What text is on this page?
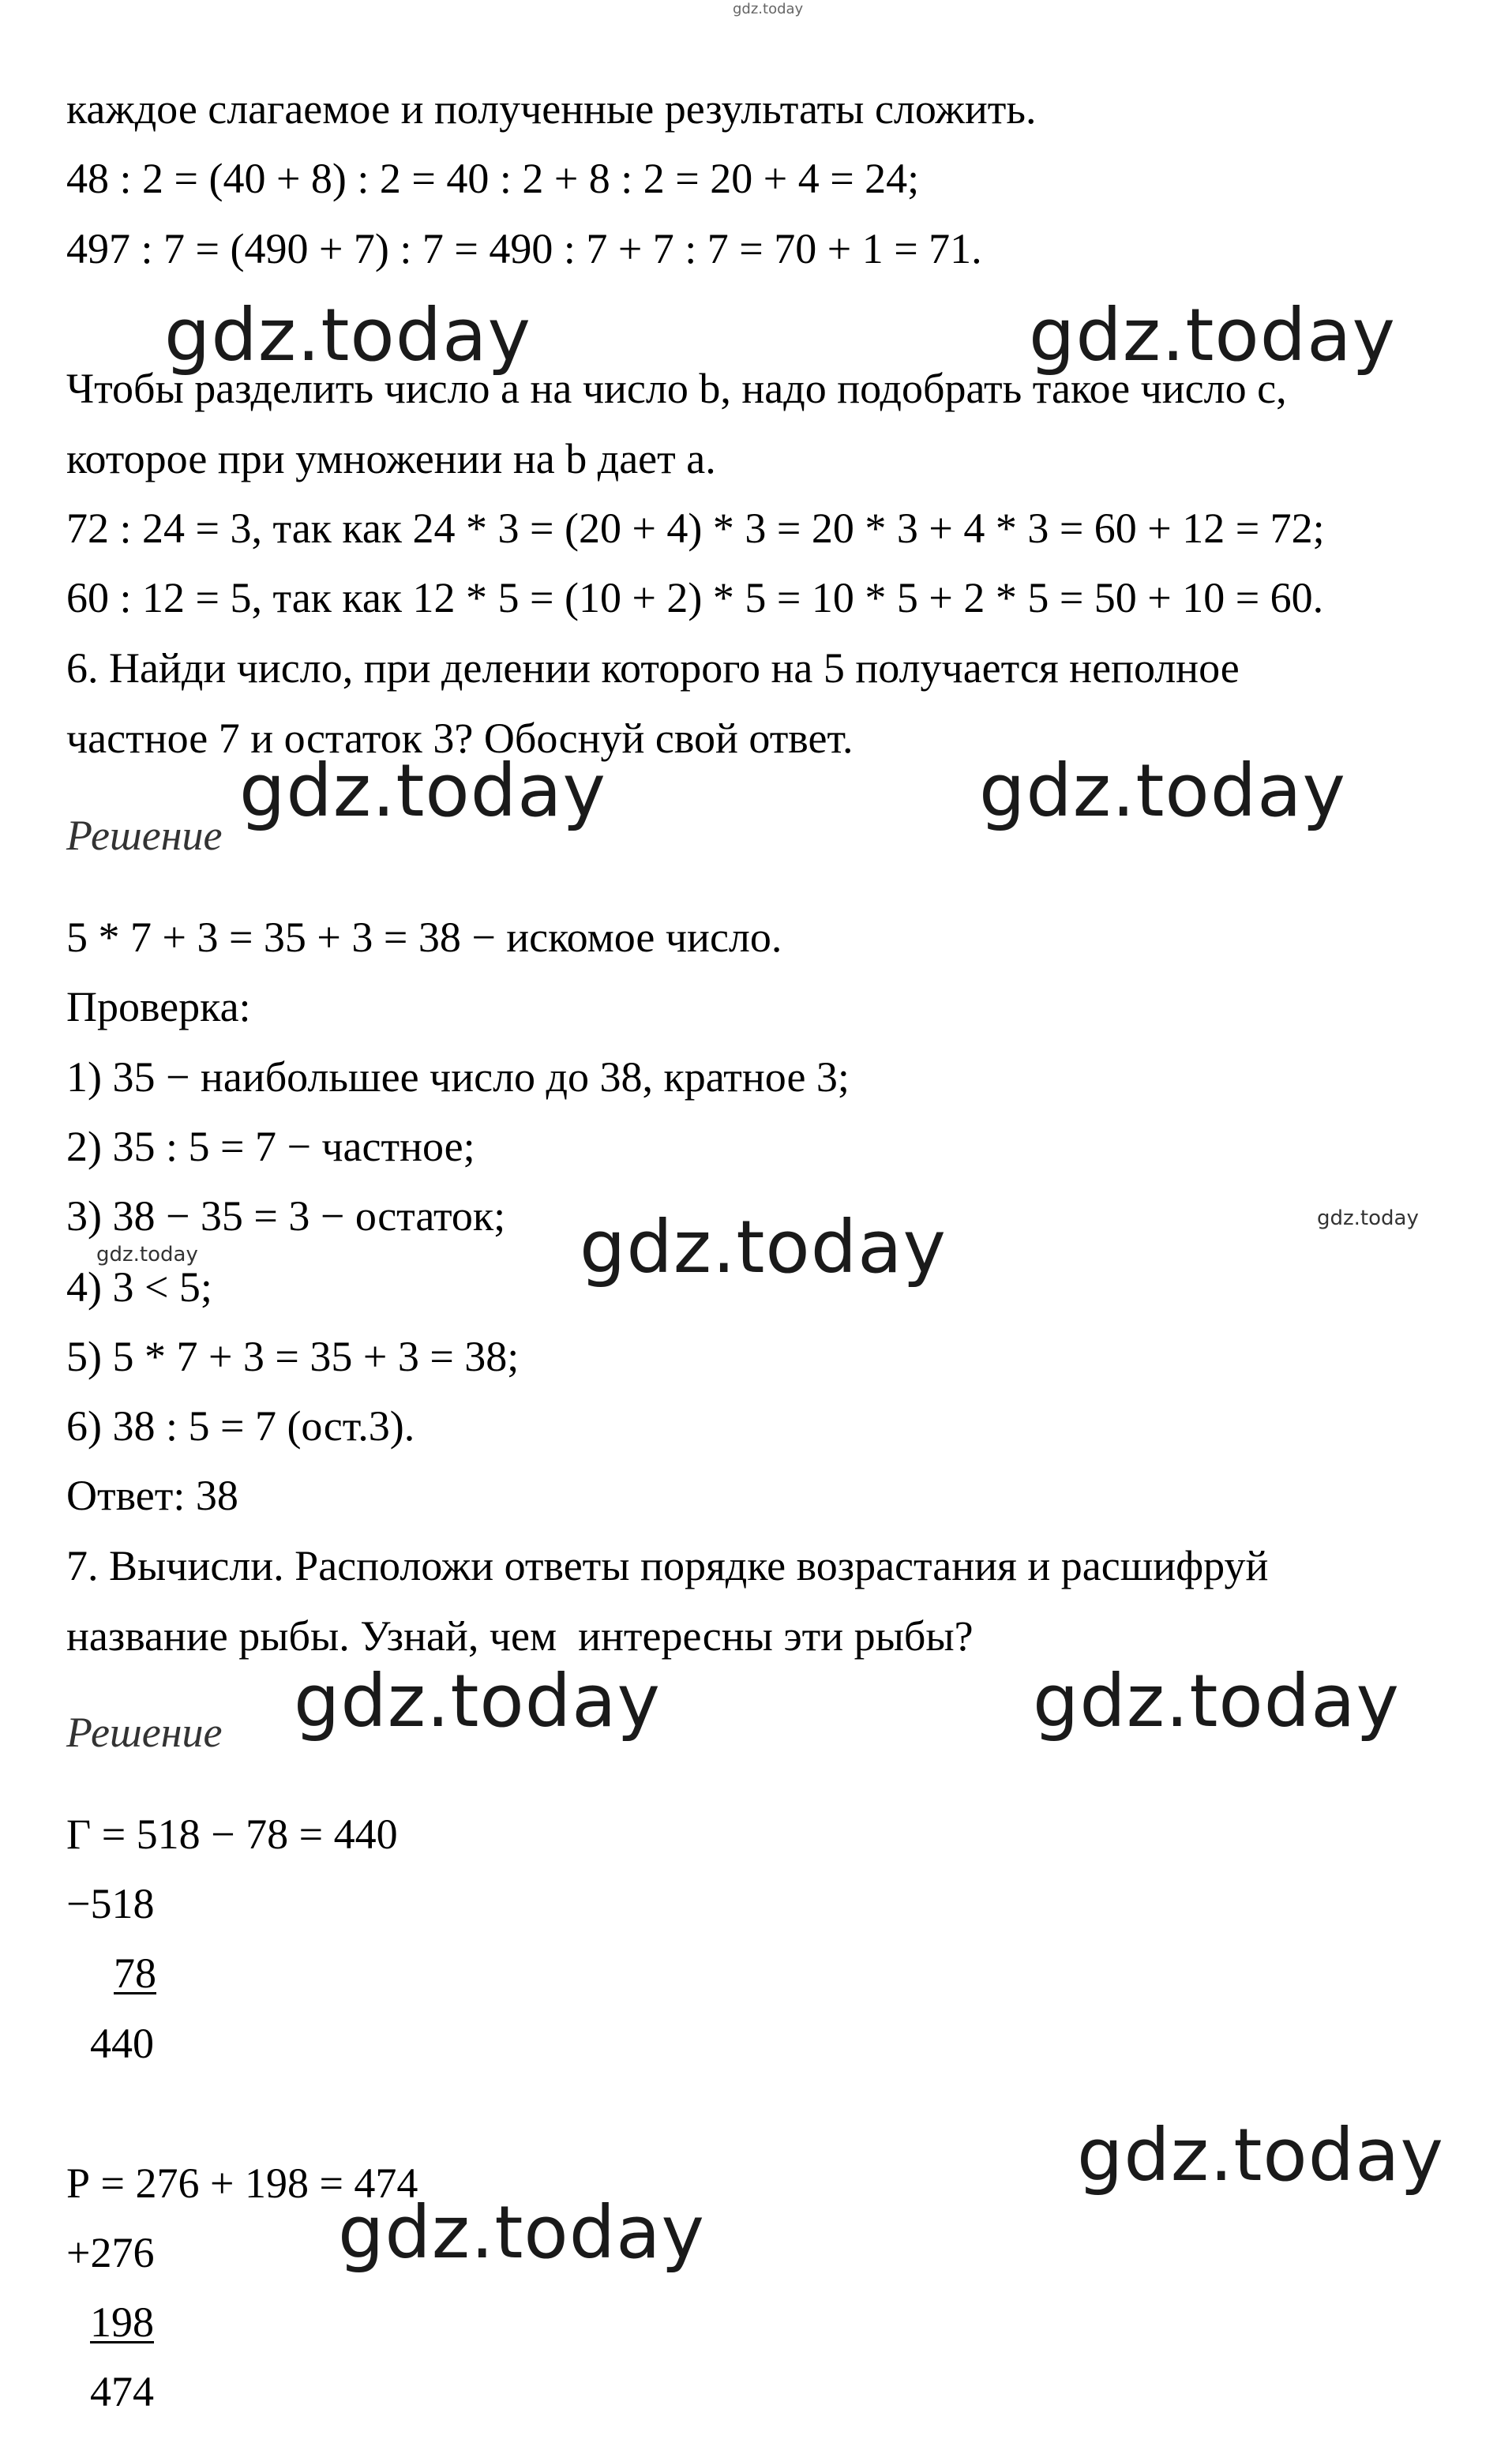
gdz.today
каждое слагаемое и полученные результаты сложить.
48 : 2 = (40 + 8) : 2 = 40 : 2 + 8 : 2 = 20 + 4 = 24;
497 : 7 = (490 + 7) : 7 = 490 : 7 + 7 : 7 = 70 + 1 = 71.
gdz.today	gdz.today
Чтобы разделить число a на число b, надо подобрать такое число c,
которое при умножении на b дает a.
72 : 24 = 3, так как 24 * 3 = (20 + 4) * 3 = 20 * 3 + 4 * 3 = 60 + 12 = 72;
60 : 12 = 5, так как 12 * 5 = (10 + 2) * 5 = 10 * 5 + 2 * 5 = 50 + 10 = 60.
6. Найди число, при делении которого на 5 получается неполное
частное 7 и остаток 3? Обоснуй свой ответ.
gdz.today	gdz.today
Решение
5 * 7 + 3 = 35 + 3 = 38 − искомое число.
Проверка:
1) 35 − наибольшее число до 38, кратное 3;
2) 35 : 5 = 7 − частное;
3) 38 − 35 = 3 − остаток; gdz.today	gdz.today
gdz.today
4) 3 < 5;
5) 5 * 7 + 3 = 35 + 3 = 38;
6) 38 : 5 = 7 (ост.3).
Ответ: 38
7. Вычисли. Расположи ответы порядке возрастания и расшифруй
название рыбы. Узнай, чем  интересны эти рыбы?
gdz.today	gdz.today
Решение
Г = 518 − 78 = 440
−518
78
440
gdz.today
Р = 276 + 198 = 474
gdz.today
+276
198
474
